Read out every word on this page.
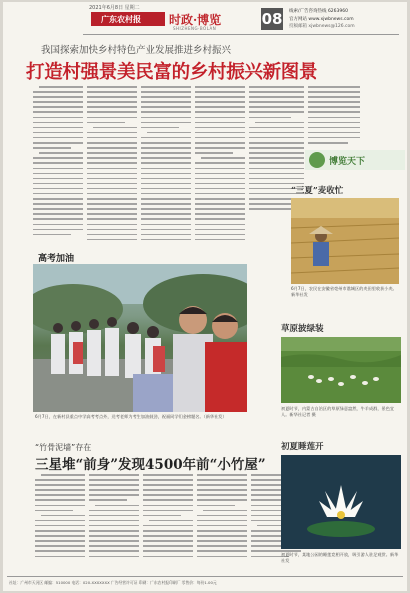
2021年6月8日 星期二
广东农村报	时政·博览
SHIZHENG·BOLAN
08 线索/广告咨询热线 6263960
官方网站 www.xjwbnews.com
投稿邮箱 xjwbnews@126.com
我国探索加快乡村特色产业发展推进乡村振兴
打造村强景美民富的乡村振兴新图景
高考加油
6月7日，在新村县重点中学高考考点外，送考老师为考生加油鼓劲，祝福同学们金榜题名。（新华社发）
“竹骨泥墙”存在
三星堆“前身”发现4500年前“小竹屋”
博览天下
“三夏”麦收忙
6月7日，农民在安徽省亳州市谯城区的麦田里收获小麦。新华社发
草原披绿装
初夏时节，内蒙古自治区的草原绿意盎然，牛羊成群，景色宜人。新华社记者 摄
初夏睡莲开
初夏时节，某地公园的睡莲竞相开放，吸引游人驻足观赏。新华社发
社址：广州市天河区 邮编：510000 电话：020-XXXXXXX 广告经营许可证 印刷：广东农村报印刷厂 零售价：每份1.00元
